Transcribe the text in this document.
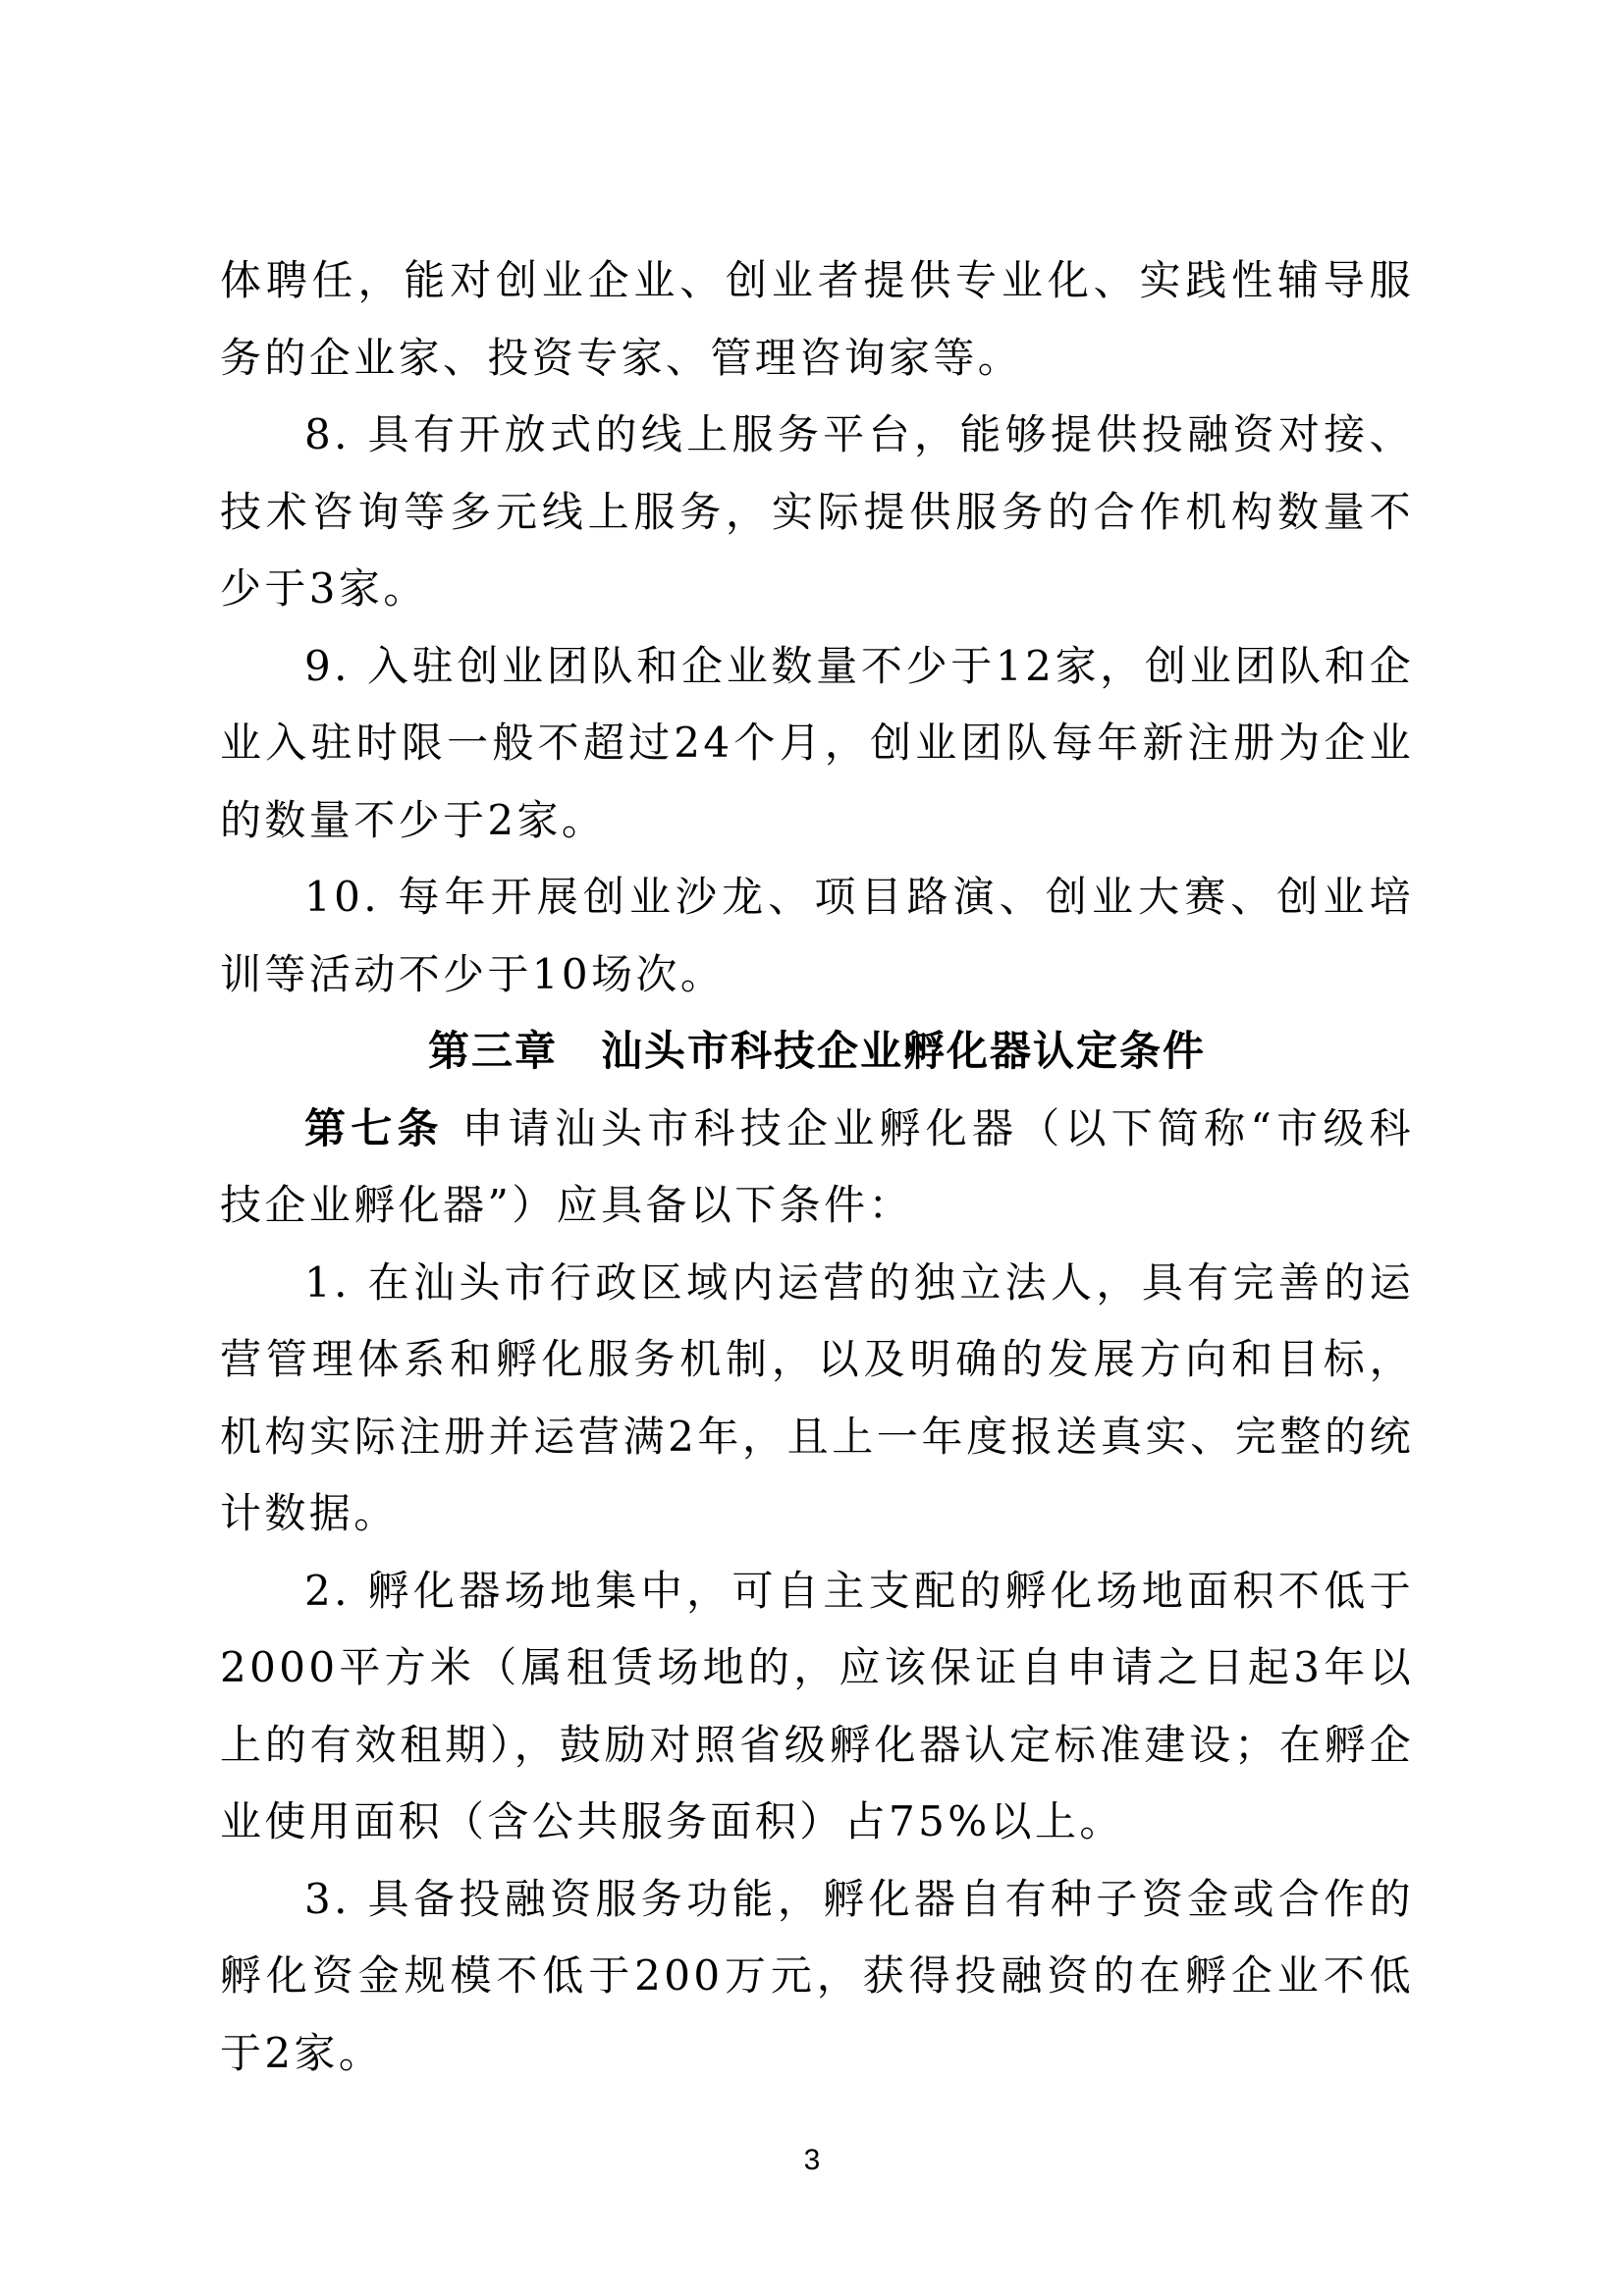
体聘任，能对创业企业、创业者提供专业化、实践性辅导服务的企业家、投资专家、管理咨询家等。

8. 具有开放式的线上服务平台，能够提供投融资对接、技术咨询等多元线上服务，实际提供服务的合作机构数量不少于3家。

9. 入驻创业团队和企业数量不少于12家，创业团队和企业入驻时限一般不超过24个月，创业团队每年新注册为企业的数量不少于2家。

10. 每年开展创业沙龙、项目路演、创业大赛、创业培训等活动不少于10场次。

第三章　汕头市科技企业孵化器认定条件

第七条 申请汕头市科技企业孵化器（以下简称“市级科技企业孵化器”）应具备以下条件：

1. 在汕头市行政区域内运营的独立法人，具有完善的运营管理体系和孵化服务机制，以及明确的发展方向和目标，机构实际注册并运营满2年，且上一年度报送真实、完整的统计数据。

2. 孵化器场地集中，可自主支配的孵化场地面积不低于2000平方米（属租赁场地的，应该保证自申请之日起3年以上的有效租期），鼓励对照省级孵化器认定标准建设；在孵企业使用面积（含公共服务面积）占75%以上。

3. 具备投融资服务功能，孵化器自有种子资金或合作的孵化资金规模不低于200万元，获得投融资的在孵企业不低于2家。

3
